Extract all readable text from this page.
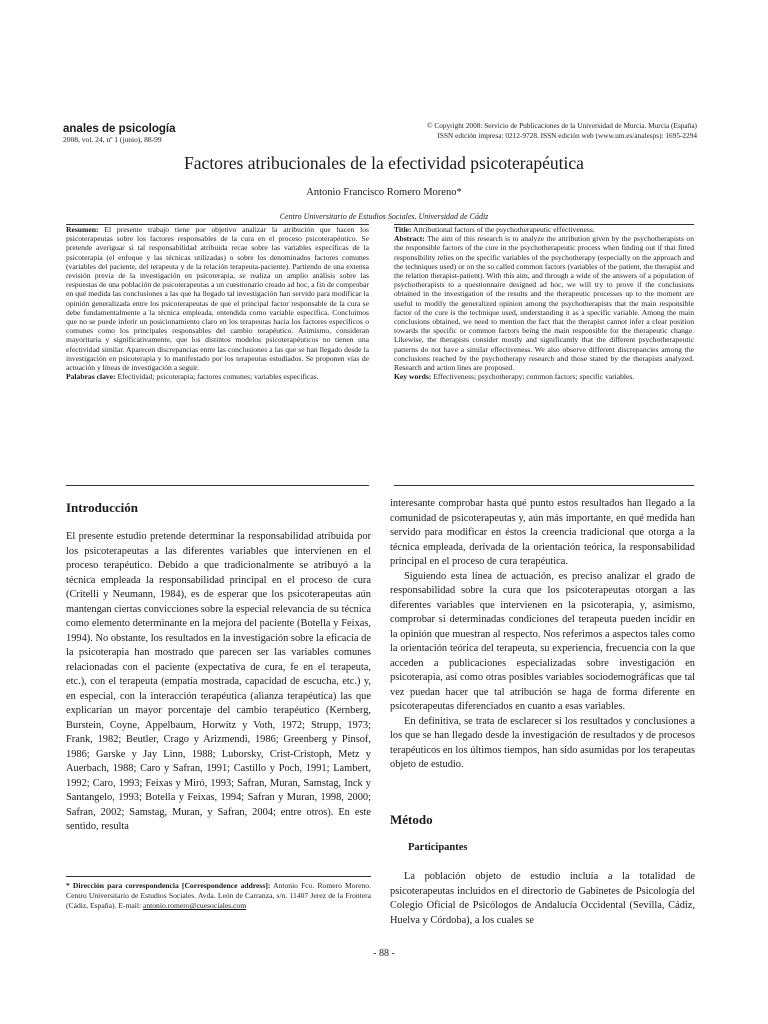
anales de psicología
2008, vol. 24, nº 1 (junio), 88-99
© Copyright 2008: Servicio de Publicaciones de la Universidad de Murcia. Murcia (España)
ISSN edición impresa: 0212-9728. ISSN edición web (www.um.es/analesps): 1695-2294
Factores atribucionales de la efectividad psicoterapéutica
Antonio Francisco Romero Moreno*
Centro Universitario de Estudios Sociales. Universidad de Cádiz

Resumen: El presente trabajo tiene por objetivo analizar la atribución que hacen los psicoterapeutas sobre los factores responsables de la cura en el proceso psicoterapéutico. Se pretende averiguar si tal responsabilidad atribuida recae sobre las variables específicas de la psicoterapia (el enfoque y las técnicas utilizadas) o sobre los denominados factores comunes (variables del paciente, del terapeuta y de la relación terapeuta-paciente). Partiendo de una extensa revisión previa de la investigación en psicoterapia, se realiza un amplio análisis sobre las respuestas de una población de psicoterapeutas a un cuestionario creado ad hoc, a fin de comprobar en qué medida las conclusiones a las que ha llegado tal investigación han servido para modificar la opinión generalizada entre los psicoterapeutas de que el principal factor responsable de la cura se debe fundamentalmente a la técnica empleada, entendida como variable específica. Concluimos que no se puede inferir un posicionamiento claro en los terapeutas hacia los factores específicos o comunes como los principales responsables del cambio terapéutico. Asimismo, consideran mayoritaria y significativamente, que los distintos modelos psicoterapéuticos no tienen una efectividad similar. Aparecen discrepancias entre las conclusiones a las que se han llegado desde la investigación en psicoterapia y lo manifestado por los terapeutas estudiados. Se proponen vías de actuación y líneas de investigación a seguir.

Palabras clave: Efectividad; psicoterapia; factores comunes; variables específicas.

Title: Attributional factors of the psychotherapeutic effectiveness.

Abstract: The aim of this research is to analyze the attribution given by the psychotherapists on the responsible factors of the cure in the psychotherapeutic process when finding out if that fitted responsibility relies on the specific variables of the psychotherapy (especially on the approach and the techniques used) or on the so called common factors (variables of the patient, the therapist and the relation therapist-patient). With this aim, and through a wide of the answers of a population of psychotherapists to a questionnaire designed ad hoc, we will try to prove if the conclusions obtained in the investigation of the results and the therapeutic processes up to the moment are useful to modify the generalized opinion among the psychotherapists that the main responsible factor of the cure is the technique used, understanding it as a specific variable. Among the main conclusions obtained, we need to mention the fact that the therapist cannot infer a clear position towards the specific or common factors being the main responsible for the therapeutic change. Likewise, the therapists consider mostly and significantly that the different psychotherapeutic patterns do not have a similar effectiveness. We also observe different discrepancies among the conclusions reached by the psychotherapy research and those stated by the therapists analyzed. Research and action lines are proposed.

Key words: Effectiveness; psychotherapy; common factors; specific variables.

Introducción

El presente estudio pretende determinar la responsabilidad atribuida por los psicoterapeutas a las diferentes variables que intervienen en el proceso terapéutico. Debido a que tradicionalmente se atribuyó a la técnica empleada la responsabilidad principal en el proceso de cura (Critelli y Neumann, 1984), es de esperar que los psicoterapeutas aún mantengan ciertas convicciones sobre la especial relevancia de su técnica como elemento determinante en la mejora del paciente (Botella y Feixas, 1994). No obstante, los resultados en la investigación sobre la eficacia de la psicoterapia han mostrado que parecen ser las variables comunes relacionadas con el paciente (expectativa de cura, fe en el terapeuta, etc.), con el terapeuta (empatía mostrada, capacidad de escucha, etc.) y, en especial, con la interacción terapéutica (alianza terapéutica) las que explicarían un mayor porcentaje del cambio terapéutico (Kernberg, Burstein, Coyne, Appelbaum, Horwitz y Voth, 1972; Strupp, 1973; Frank, 1982; Beutler, Crago y Arizmendi, 1986; Greenberg y Pinsof, 1986; Garske y Jay Linn, 1988; Luborsky, Crist-Cristoph, Metz y Auerbach, 1988; Caro y Safran, 1991; Castillo y Poch, 1991; Lambert, 1992; Caro, 1993; Feixas y Miró, 1993; Safran, Muran, Samstag, Inck y Santangelo, 1993; Botella y Feixas, 1994; Safran y Muran, 1998, 2000; Safran, 2002; Samstag, Muran, y Safran, 2004; entre otros). En este sentido, resulta

interesante comprobar hasta qué punto estos resultados han llegado a la comunidad de psicoterapeutas y, aún más importante, en qué medida han servido para modificar en éstos la creencia tradicional que otorga a la técnica empleada, derivada de la orientación teórica, la responsabilidad principal en el proceso de cura terapéutica.

Siguiendo esta línea de actuación, es preciso analizar el grado de responsabilidad sobre la cura que los psicoterapeutas otorgan a las diferentes variables que intervienen en la psicoterapia, y, asimismo, comprobar si determinadas condiciones del terapeuta pueden incidir en la opinión que muestran al respecto. Nos referimos a aspectos tales como la orientación teórica del terapeuta, su experiencia, frecuencia con la que acceden a publicaciones especializadas sobre investigación en psicoterapia, así como otras posibles variables sociodemográficas que tal vez puedan hacer que tal atribución se haga de forma diferente en psicoterapeutas diferenciados en cuanto a esas variables.

En definitiva, se trata de esclarecer si los resultados y conclusiones a los que se han llegado desde la investigación de resultados y de procesos terapéuticos en los últimos tiempos, han sido asumidas por los terapeutas objeto de estudio.

Método
Participantes

La población objeto de estudio incluía a la totalidad de psicoterapeutas incluidos en el directorio de Gabinetes de Psicología del Colegio Oficial de Psicólogos de Andalucía Occidental (Sevilla, Cádiz, Huelva y Córdoba), a los cuales se

* Dirección para correspondencia [Correspondence address]: Antonio Fco. Romero Moreno. Centro Universitario de Estudios Sociales. Avda. León de Carranza, s/n. 11407 Jerez de la Frontera (Cádiz, España). E-mail: antonio.romero@cuesociales.com
- 88 -
